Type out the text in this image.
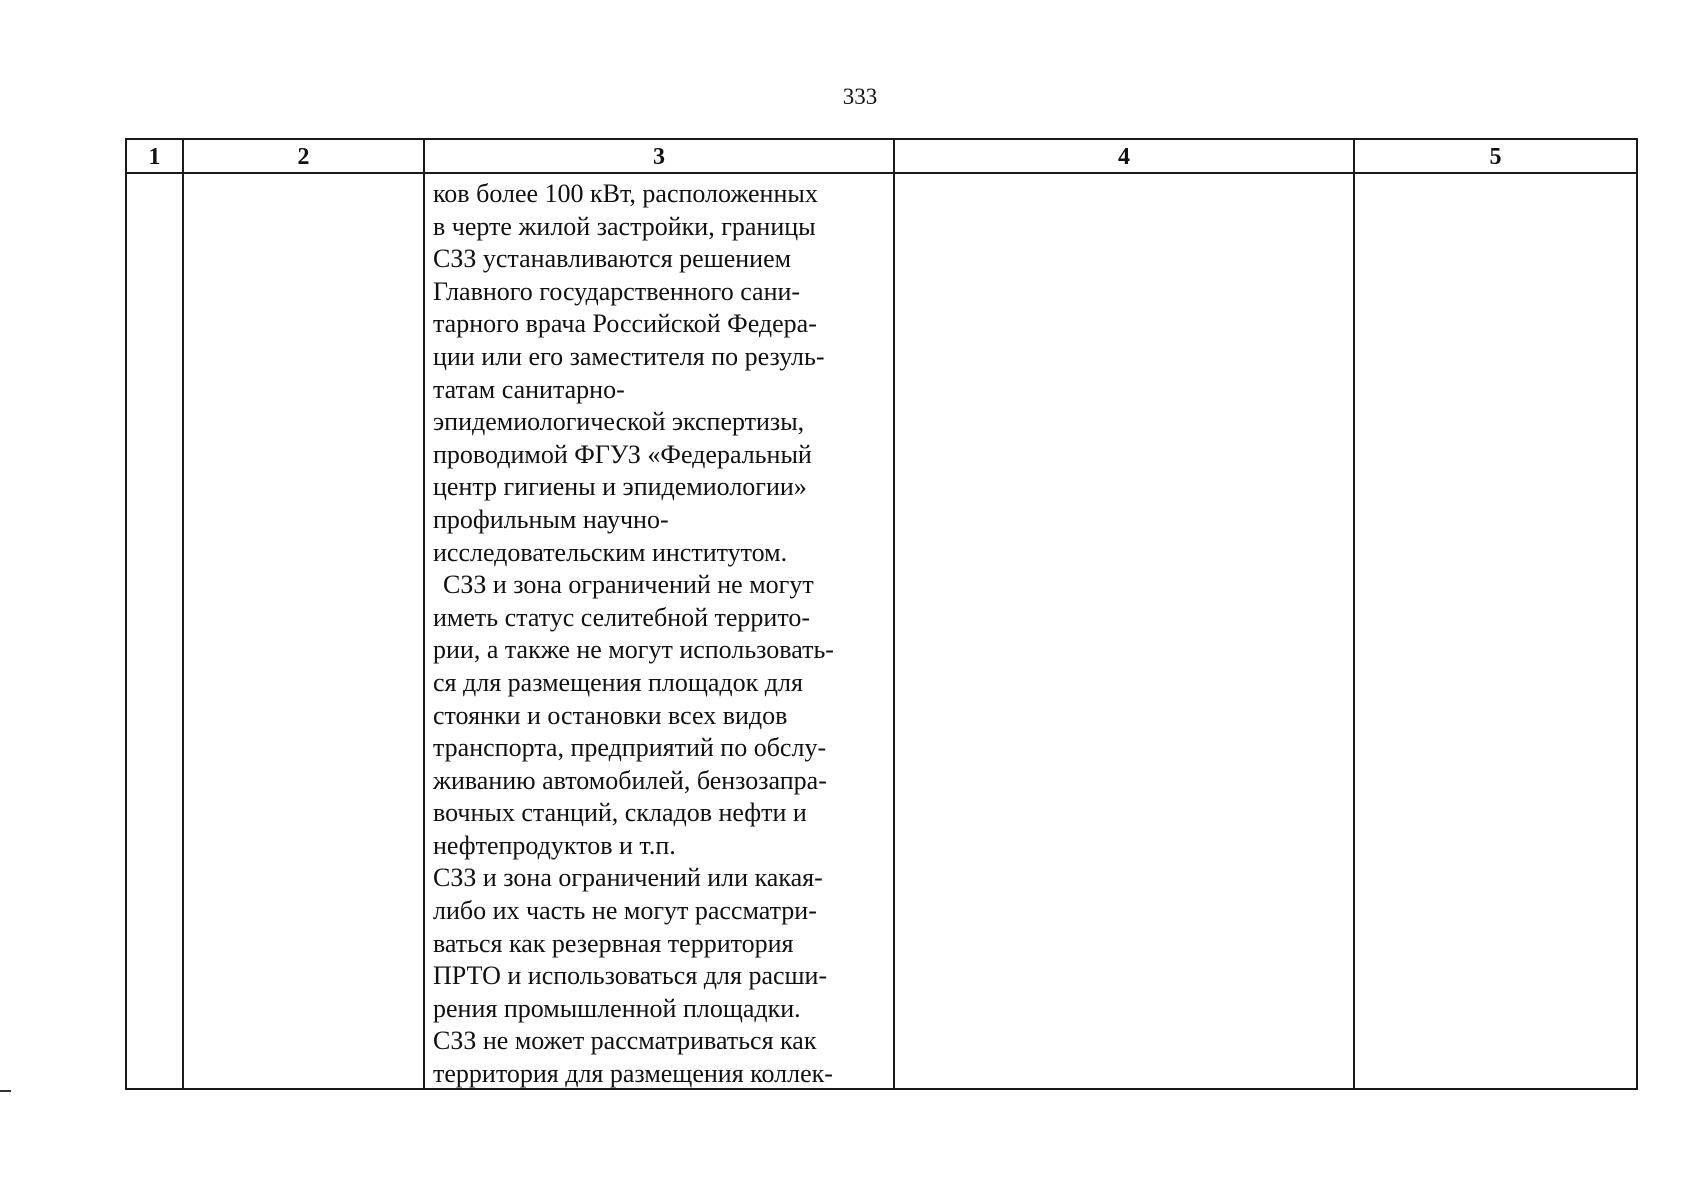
333
1	2	3	4	5
ков более 100 кВт, расположенных
в черте жилой застройки, границы
СЗЗ устанавливаются решением
Главного государственного сани-
тарного врача Российской Федера-
ции или его заместителя по резуль-
татам санитарно-
эпидемиологической экспертизы,
проводимой ФГУЗ «Федеральный
центр гигиены и эпидемиологии»
профильным научно-
исследовательским институтом.
СЗЗ и зона ограничений не могут
иметь статус селитебной террито-
рии, а также не могут использовать-
ся для размещения площадок для
стоянки и остановки всех видов
транспорта, предприятий по обслу-
живанию автомобилей, бензозапра-
вочных станций, складов нефти и
нефтепродуктов и т.п.
СЗЗ и зона ограничений или какая-
либо их часть не могут рассматри-
ваться как резервная территория
ПРТО и использоваться для расши-
рения промышленной площадки.
СЗЗ не может рассматриваться как
территория для размещения коллек-
